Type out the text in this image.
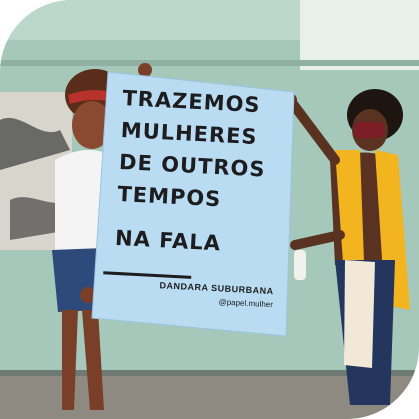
TRAZEMOS
MULHERES
DE OUTROS
TEMPOS
NA FALA
DANDARA SUBURBANA
@papel.mulher
